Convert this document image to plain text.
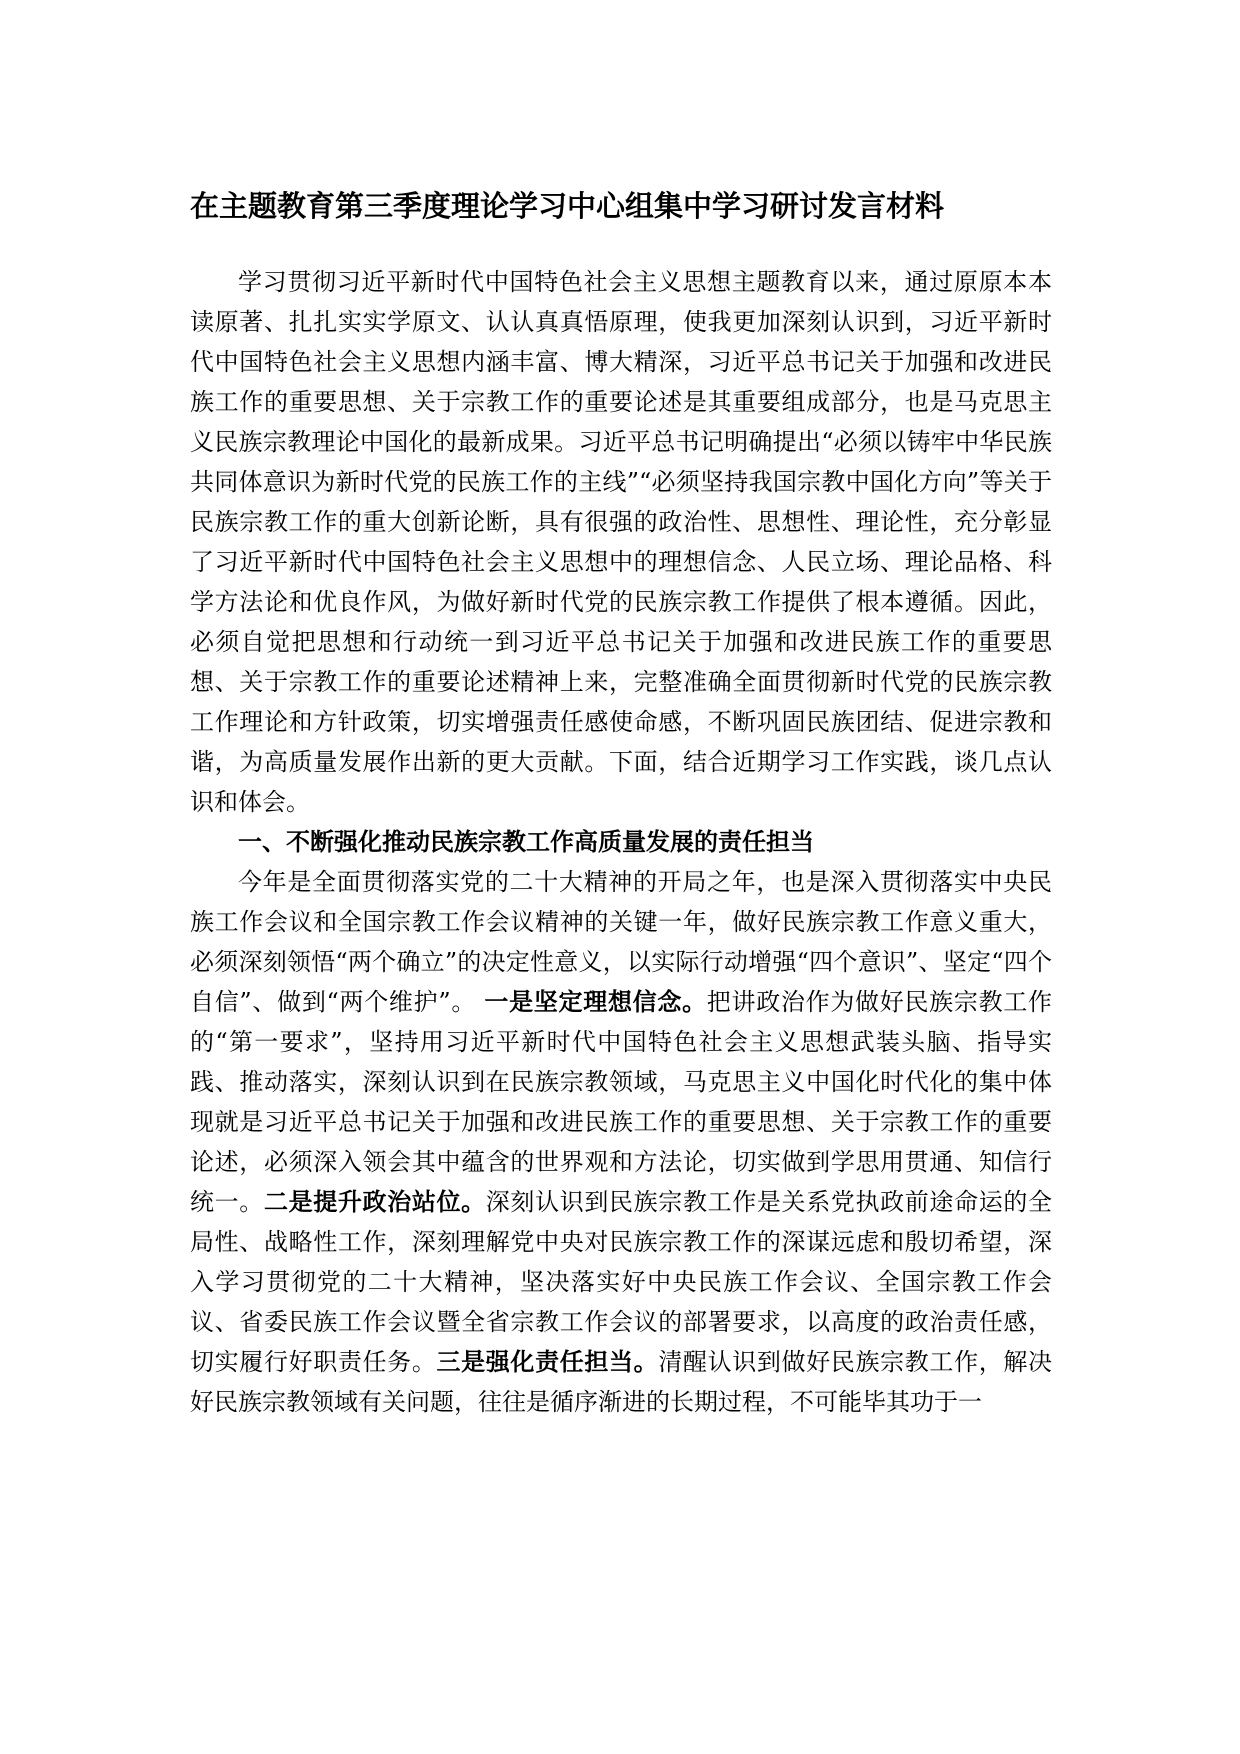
在主题教育第三季度理论学习中心组集中学习研讨发言材料

学习贯彻习近平新时代中国特色社会主义思想主题教育以来，通过原原本本读原著、扎扎实实学原文、认认真真悟原理，使我更加深刻认识到，习近平新时代中国特色社会主义思想内涵丰富、博大精深，习近平总书记关于加强和改进民族工作的重要思想、关于宗教工作的重要论述是其重要组成部分，也是马克思主义民族宗教理论中国化的最新成果。习近平总书记明确提出“必须以铸牢中华民族共同体意识为新时代党的民族工作的主线”“必须坚持我国宗教中国化方向”等关于民族宗教工作的重大创新论断，具有很强的政治性、思想性、理论性，充分彰显了习近平新时代中国特色社会主义思想中的理想信念、人民立场、理论品格、科学方法论和优良作风，为做好新时代党的民族宗教工作提供了根本遵循。因此，必须自觉把思想和行动统一到习近平总书记关于加强和改进民族工作的重要思想、关于宗教工作的重要论述精神上来，完整准确全面贯彻新时代党的民族宗教工作理论和方针政策，切实增强责任感使命感，不断巩固民族团结、促进宗教和谐，为高质量发展作出新的更大贡献。下面，结合近期学习工作实践，谈几点认识和体会。

一、不断强化推动民族宗教工作高质量发展的责任担当

今年是全面贯彻落实党的二十大精神的开局之年，也是深入贯彻落实中央民族工作会议和全国宗教工作会议精神的关键一年，做好民族宗教工作意义重大，必须深刻领悟“两个确立”的决定性意义，以实际行动增强“四个意识”、坚定“四个自信”、做到“两个维护”。 一是坚定理想信念。把讲政治作为做好民族宗教工作的“第一要求”，坚持用习近平新时代中国特色社会主义思想武装头脑、指导实践、推动落实，深刻认识到在民族宗教领域，马克思主义中国化时代化的集中体现就是习近平总书记关于加强和改进民族工作的重要思想、关于宗教工作的重要论述，必须深入领会其中蕴含的世界观和方法论，切实做到学思用贯通、知信行统一。二是提升政治站位。深刻认识到民族宗教工作是关系党执政前途命运的全局性、战略性工作，深刻理解党中央对民族宗教工作的深谋远虑和殷切希望，深入学习贯彻党的二十大精神，坚决落实好中央民族工作会议、全国宗教工作会议、省委民族工作会议暨全省宗教工作会议的部署要求，以高度的政治责任感，切实履行好职责任务。三是强化责任担当。清醒认识到做好民族宗教工作，解决好民族宗教领域有关问题，往往是循序渐进的长期过程，不可能毕其功于一
